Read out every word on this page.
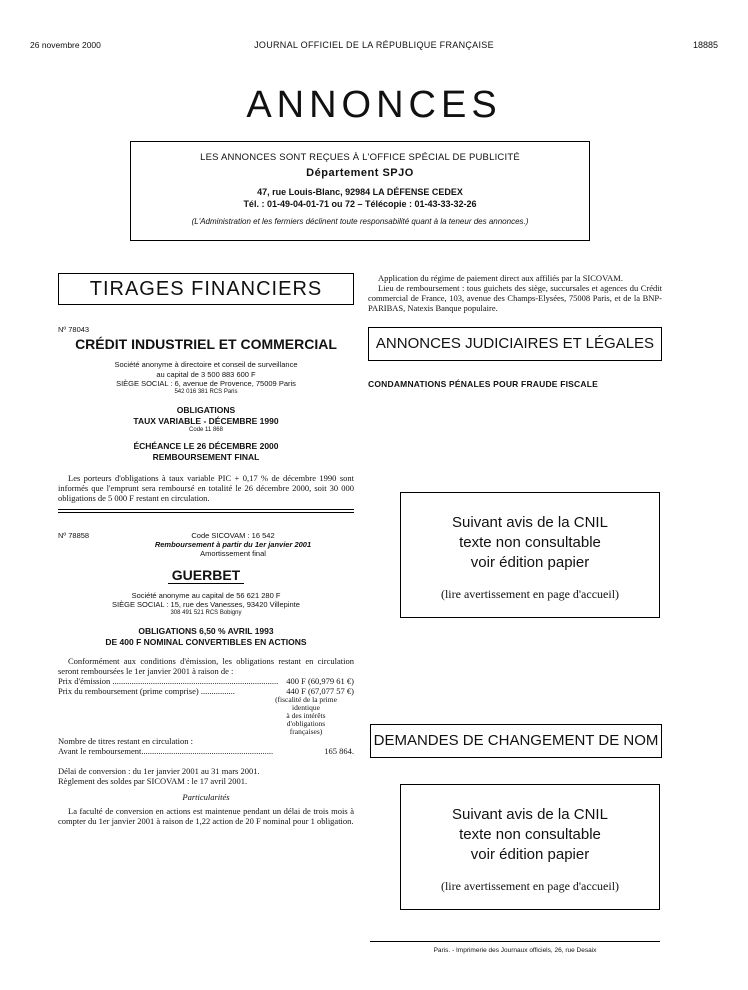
26 novembre 2000	JOURNAL OFFICIEL DE LA RÉPUBLIQUE FRANÇAISE	18885
ANNONCES
LES ANNONCES SONT REÇUES À L'OFFICE SPÉCIAL DE PUBLICITÉ
Département SPJO
47, rue Louis-Blanc, 92984 LA DÉFENSE CEDEX
Tél. : 01-49-04-01-71 ou 72 – Télécopie : 01-43-33-32-26
(L'Administration et les fermiers déclinent toute responsabilité quant à la teneur des annonces.)
TIRAGES FINANCIERS
Nº 78043
CRÉDIT INDUSTRIEL ET COMMERCIAL
Société anonyme à directoire et conseil de surveillance
au capital de 3 500 883 600 F
SIÈGE SOCIAL : 6, avenue de Provence, 75009 Paris
542 016 381 RCS Paris
OBLIGATIONS
TAUX VARIABLE - DÉCEMBRE 1990
Code 11 868
ÉCHÉANCE LE 26 DÉCEMBRE 2000
REMBOURSEMENT FINAL

Les porteurs d'obligations à taux variable PIC + 0,17 % de décembre 1990 sont informés que l'emprunt sera remboursé en totalité le 26 décembre 2000, soit 30 000 obligations de 5 000 F restant en circulation.

Nº 78858	Code SICOVAM : 16 542
Remboursement à partir du 1er janvier 2001
Amortissement final
GUERBET
Société anonyme au capital de 56 621 280 F
SIÈGE SOCIAL : 15, rue des Vanesses, 93420 Villepinte
308 491 521 RCS Bobigny
OBLIGATIONS 6,50 % AVRIL 1993
DE 400 F NOMINAL CONVERTIBLES EN ACTIONS

Conformément aux conditions d'émission, les obligations restant en circulation seront remboursées le 1er janvier 2001 à raison de :

Prix d'émission .............................................................................. 400 F (60,979 61 €)
Prix du remboursement (prime comprise) ................	440 F (67,077 57 €)
(fiscalité de la prime
identique
à des intérêts
d'obligations
françaises)
Nombre de titres restant en circulation :
Avant le remboursement..............................................................	165 864.
Délai de conversion : du 1er janvier 2001 au 31 mars 2001.
Règlement des soldes par SICOVAM : le 17 avril 2001.
Particularités

La faculté de conversion en actions est maintenue pendant un délai de trois mois à compter du 1er janvier 2001 à raison de 1,22 action de 20 F nominal pour 1 obligation.

Application du régime de paiement direct aux affiliés par la SICOVAM.

Lieu de remboursement : tous guichets des siège, succursales et agences du Crédit commercial de France, 103, avenue des Champs-Elysées, 75008 Paris, et de la BNP-PARIBAS, Natexis Banque populaire.

ANNONCES JUDICIAIRES ET LÉGALES
CONDAMNATIONS PÉNALES POUR FRAUDE FISCALE
Suivant avis de la CNIL
texte non consultable
voir édition papier
(lire avertissement en page d'accueil)
DEMANDES DE CHANGEMENT DE NOM
Suivant avis de la CNIL
texte non consultable
voir édition papier
(lire avertissement en page d'accueil)
Paris. - Imprimerie des Journaux officiels, 26, rue Desaix
